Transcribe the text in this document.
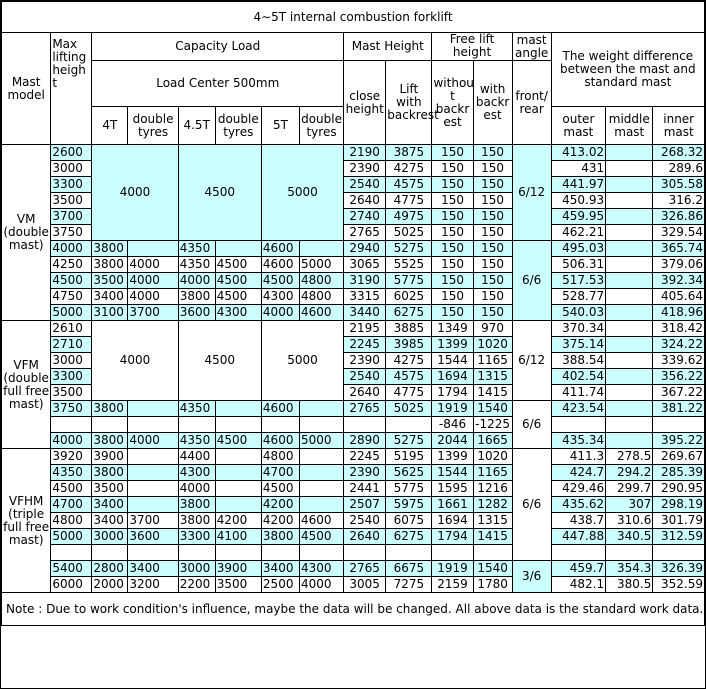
4∼5T internal combustion forklift															
Mast model	Max lifting heigh t	Capacity Load						Mast Height		Free lift height		mast angle	The weight difference between the mast and standard mast		
		Load Center 500mm						close height	Lift with backrest	withou t backr est	with backr est	front/ rear			
		4T	double tyres	4.5T	double tyres	5T	double tyres						outer mast	middle mast	inner mast
VM (double mast)	2600	4000		4500		5000		2190	3875	150	150	6/12	413.02		268.32
	3000							2390	4275	150	150		431		289.6
	3300							2540	4575	150	150		441.97		305.58
	3500							2640	4775	150	150		450.93		316.2
	3700							2740	4975	150	150		459.95		326.86
	3750							2765	5025	150	150		462.21		329.54
	4000	3800		4350		4600		2940	5275	150	150	6/6	495.03		365.74
	4250	3800	4000	4350	4500	4600	5000	3065	5525	150	150		506.31		379.06
	4500	3500	4000	4000	4500	4500	4800	3190	5775	150	150		517.53		392.34
	4750	3400	4000	3800	4500	4300	4800	3315	6025	150	150		528.77		405.64
	5000	3100	3700	3600	4300	4000	4600	3440	6275	150	150		540.03		418.96
VFM (double full free mast)	2610	4000		4500		5000		2195	3885	1349	970	6/12	370.34		318.42
	2710							2245	3985	1399	1020		375.14		324.22
	3000							2390	4275	1544	1165		388.54		339.62
	3300							2540	4575	1694	1315		402.54		356.22
	3500							2640	4775	1794	1415		411.74		367.22
	3750	3800		4350		4600		2765	5025	1919	1540	6/6	423.54		381.22
										-846	-1225				
	4000	3800	4000	4350	4500	4600	5000	2890	5275	2044	1665		435.34		395.22
VFHM (triple full free mast)	3920	3900		4400		4800		2245	5195	1399	1020	6/6	411.3	278.5	269.67
	4350	3800		4300		4700		2390	5625	1544	1165		424.7	294.2	285.39
	4500	3500		4000		4500		2441	5775	1595	1216		429.46	299.7	290.95
	4700	3400		3800		4200		2507	5975	1661	1282		435.62	307	298.19
	4800	3400	3700	3800	4200	4200	4600	2540	6075	1694	1315		438.7	310.6	301.79
	5000	3000	3600	3300	4100	3800	4500	2640	6275	1794	1415		447.88	340.5	312.59

	5400	2800	3400	3000	3900	3400	4300	2765	6675	1919	1540	3/6	459.7	354.3	326.39
	6000	2000	3200	2200	3500	2500	4000	3005	7275	2159	1780		482.1	380.5	352.59
Note : Due to work condition's influence, maybe the data will be changed. All above data is the standard work data.															
